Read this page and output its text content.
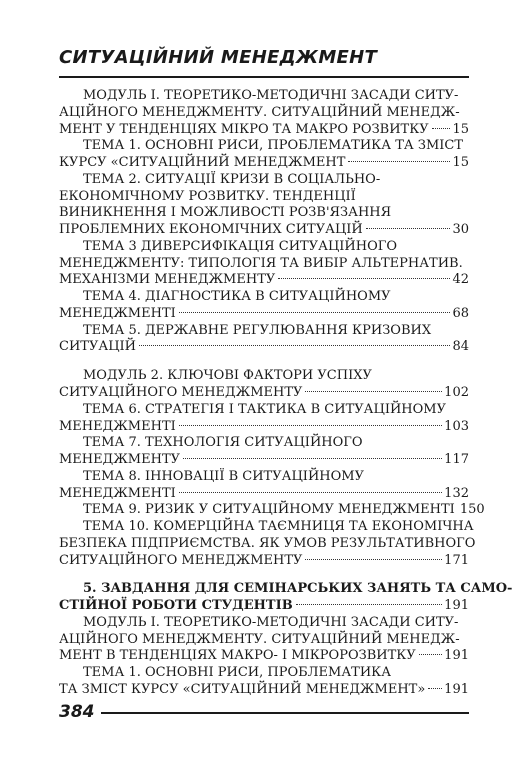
СИТУАЦІЙНИЙ МЕНЕДЖМЕНТ
МОДУЛЬ І. ТЕОРЕТИКО-МЕТОДИЧНІ ЗАСАДИ СИТУ-
АЦІЙНОГО МЕНЕДЖМЕНТУ. СИТУАЦІЙНИЙ МЕНЕДЖ-
МЕНТ У ТЕНДЕНЦІЯХ МІКРО ТА МАКРО РОЗВИТКУ 15
ТЕМА 1. ОСНОВНІ РИСИ, ПРОБЛЕМАТИКА ТА ЗМІСТ
КУРСУ «СИТУАЦІЙНИЙ МЕНЕДЖМЕНТ	15
ТЕМА 2. СИТУАЦІЇ КРИЗИ В СОЦІАЛЬНО-
ЕКОНОМІЧНОМУ РОЗВИТКУ. ТЕНДЕНЦІЇ
ВИНИКНЕННЯ І МОЖЛИВОСТІ РОЗВ'ЯЗАННЯ
ПРОБЛЕМНИХ ЕКОНОМІЧНИХ СИТУАЦІЙ	30
ТЕМА 3 ДИВЕРСИФІКАЦІЯ СИТУАЦІЙНОГО
МЕНЕДЖМЕНТУ: ТИПОЛОГІЯ ТА ВИБІР АЛЬТЕРНАТИВ.
МЕХАНІЗМИ МЕНЕДЖМЕНТУ	42
ТЕМА 4. ДІАГНОСТИКА В СИТУАЦІЙНОМУ
МЕНЕДЖМЕНТІ	68
ТЕМА 5. ДЕРЖАВНЕ РЕГУЛЮВАННЯ КРИЗОВИХ
СИТУАЦІЙ	84
МОДУЛЬ 2. КЛЮЧОВІ ФАКТОРИ УСПІХУ
СИТУАЦІЙНОГО МЕНЕДЖМЕНТУ	102
ТЕМА 6. СТРАТЕГІЯ І ТАКТИКА В СИТУАЦІЙНОМУ
МЕНЕДЖМЕНТІ	103
ТЕМА 7. ТЕХНОЛОГІЯ СИТУАЦІЙНОГО
МЕНЕДЖМЕНТУ	117
ТЕМА 8. ІННОВАЦІЇ В СИТУАЦІЙНОМУ
МЕНЕДЖМЕНТІ	132
ТЕМА 9. РИЗИК У СИТУАЦІЙНОМУ МЕНЕДЖМЕНТІ 150
ТЕМА 10. КОМЕРЦІЙНА ТАЄМНИЦЯ ТА ЕКОНОМІЧНА
БЕЗПЕКА ПІДПРИЄМСТВА. ЯК УМОВ РЕЗУЛЬТАТИВНОГО
СИТУАЦІЙНОГО МЕНЕДЖМЕНТУ	171
5. ЗАВДАННЯ ДЛЯ СЕМІНАРСЬКИХ ЗАНЯТЬ ТА САМО-
СТІЙНОЇ РОБОТИ СТУДЕНТІВ	191
МОДУЛЬ І. ТЕОРЕТИКО-МЕТОДИЧНІ ЗАСАДИ СИТУ-
АЦІЙНОГО МЕНЕДЖМЕНТУ. СИТУАЦІЙНИЙ МЕНЕДЖ-
МЕНТ В ТЕНДЕНЦІЯХ МАКРО- І МІКРОРОЗВИТКУ 191
ТЕМА 1. ОСНОВНІ РИСИ, ПРОБЛЕМАТИКА
ТА ЗМІСТ КУРСУ «СИТУАЦІЙНИЙ МЕНЕДЖМЕНТ» 191
384
